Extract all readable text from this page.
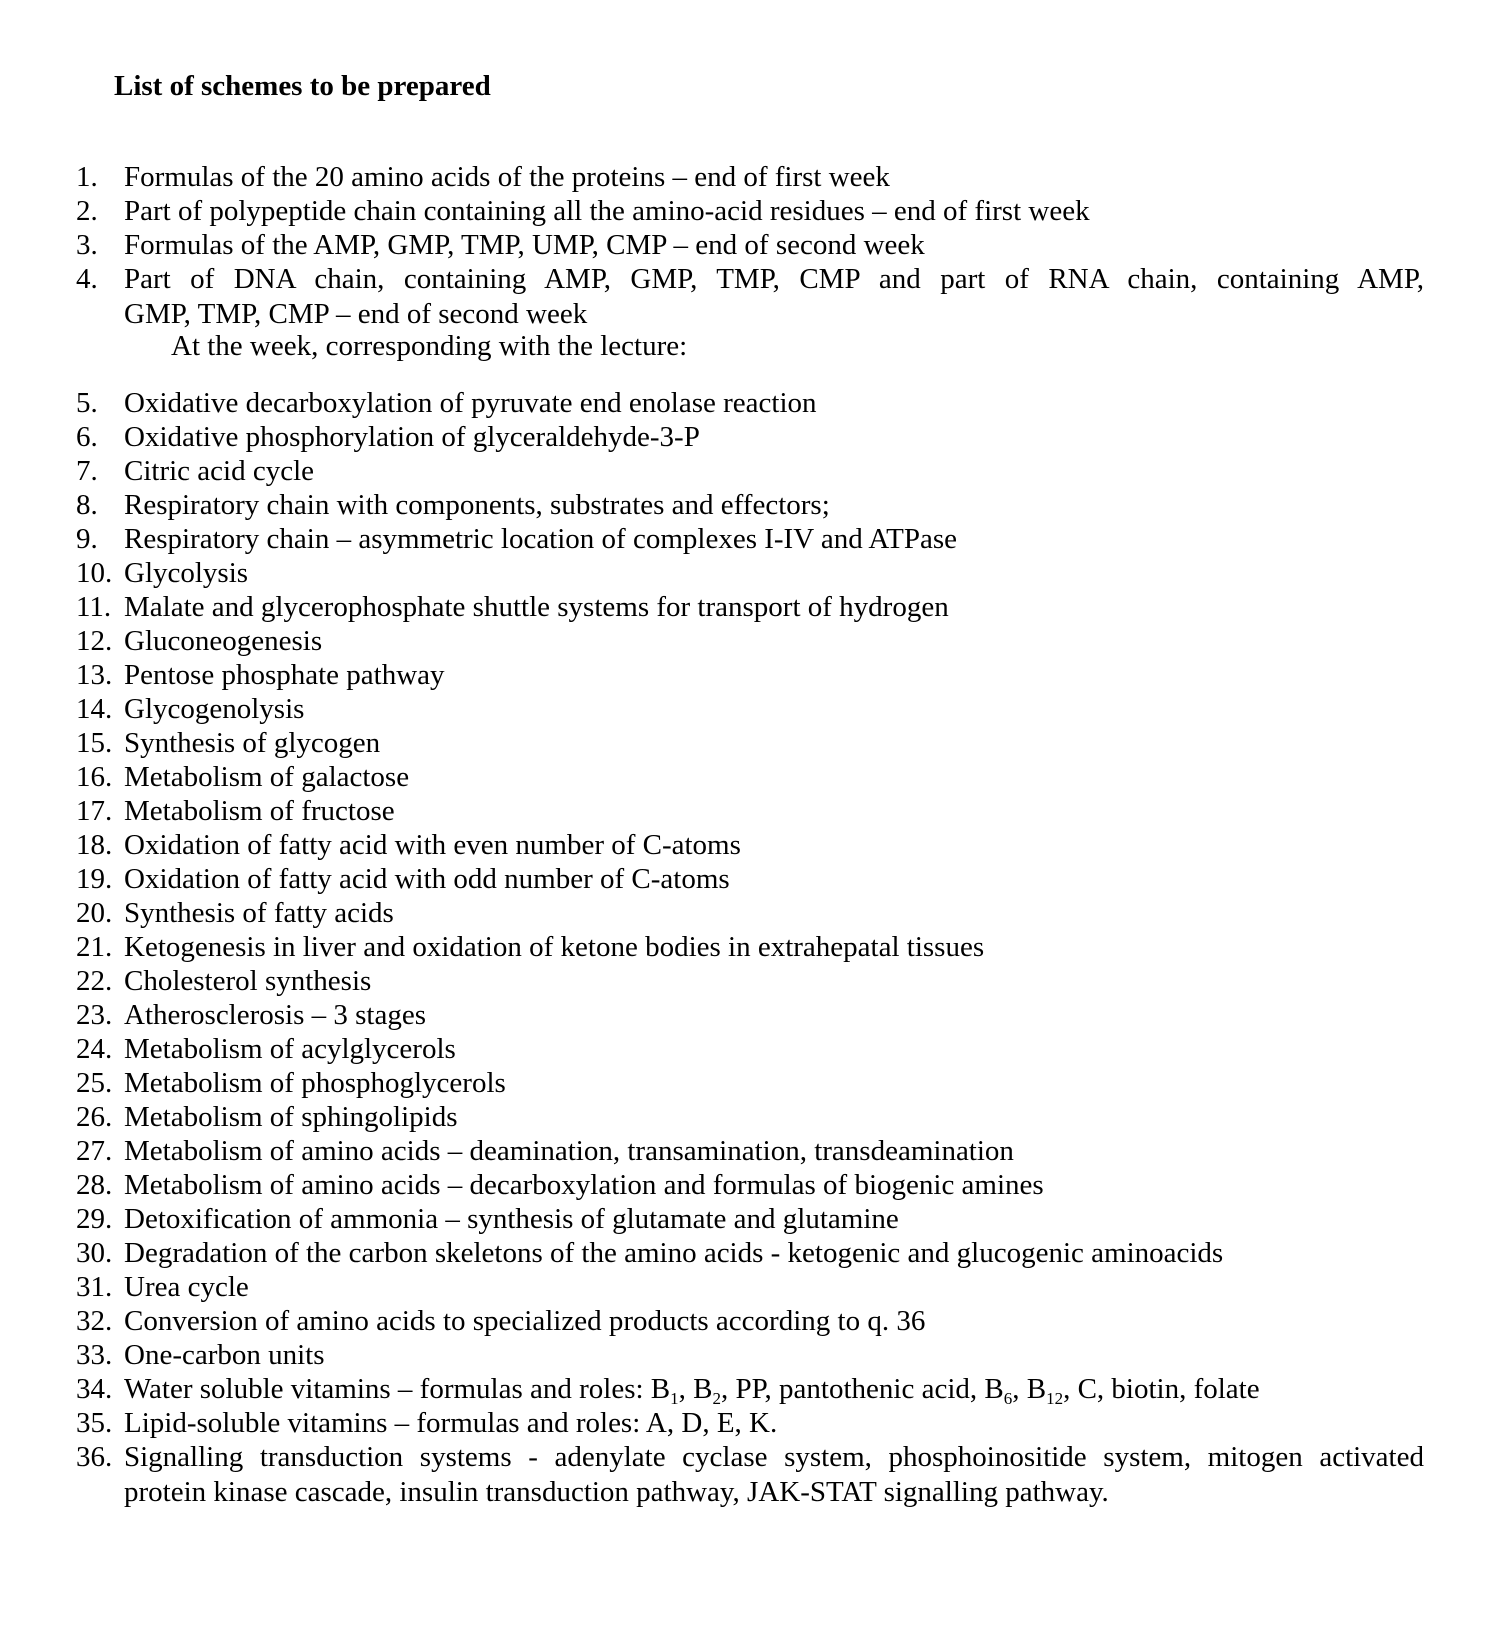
List of schemes to be prepared
1. Formulas of the 20 amino acids of the proteins – end of first week
2. Part of polypeptide chain containing all the amino-acid residues – end of first week
3. Formulas of the AMP, GMP, TMP, UMP, CMP – end of second week
4. Part of DNA chain, containing AMP, GMP, TMP, CMP and part of RNA chain, containing AMP,
GMP, TMP, CMP – end of second week
At the week, corresponding with the lecture:
5. Oxidative decarboxylation of pyruvate end enolase reaction
6. Oxidative phosphorylation of glyceraldehyde-3-P
7. Citric acid cycle
8. Respiratory chain with components, substrates and effectors;
9. Respiratory chain – asymmetric location of complexes I-IV and ATPase
10. Glycolysis
11. Malate and glycerophosphate shuttle systems for transport of hydrogen
12. Gluconeogenesis
13. Pentose phosphate pathway
14. Glycogenolysis
15. Synthesis of glycogen
16. Metabolism of galactose
17. Metabolism of fructose
18. Oxidation of fatty acid with even number of C-atoms
19. Oxidation of fatty acid with odd number of C-atoms
20. Synthesis of fatty acids
21. Ketogenesis in liver and oxidation of ketone bodies in extrahepatal tissues
22. Cholesterol synthesis
23. Atherosclerosis – 3 stages
24. Metabolism of acylglycerols
25. Metabolism of phosphoglycerols
26. Metabolism of sphingolipids
27. Metabolism of amino acids – deamination, transamination, transdeamination
28. Metabolism of amino acids – decarboxylation and formulas of biogenic amines
29. Detoxification of ammonia – synthesis of glutamate and glutamine
30. Degradation of the carbon skeletons of the amino acids - ketogenic and glucogenic aminoacids
31. Urea cycle
32. Conversion of amino acids to specialized products according to q. 36
33. One-carbon units
34. Water soluble vitamins – formulas and roles: $B_1$, $B_2$, PP, pantothenic acid, $B_6$, $B_{12}$, C, biotin, folate
35. Lipid-soluble vitamins – formulas and roles: A, D, E, K.
36. Signalling transduction systems - adenylate cyclase system, phosphoinositide system, mitogen activated
protein kinase cascade, insulin transduction pathway, JAK-STAT signalling pathway.
